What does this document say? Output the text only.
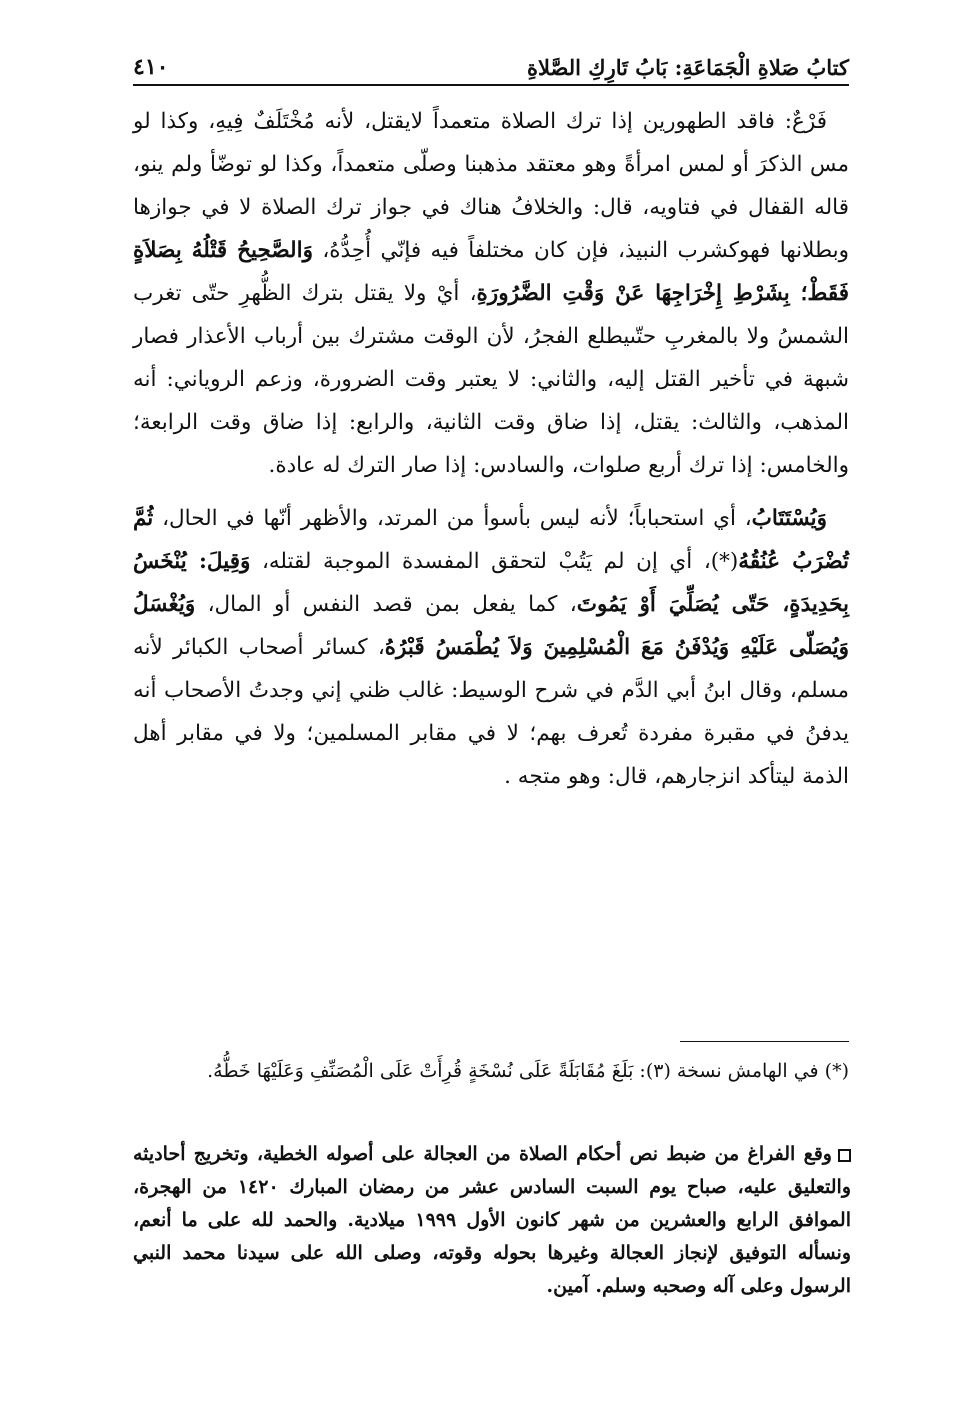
كتابُ صَلاةِ الْجَمَاعَةِ: بَابُ تَارِكِ الصَّلاةِ
٤١٠

فَرْعٌ: فاقد الطهورين إذا ترك الصلاة متعمداً لايقتل، لأنه مُخْتَلَفٌ فِيهِ، وكذا لو مس الذكرَ أو لمس امرأةً وهو معتقد مذهبنا وصلّى متعمداً، وكذا لو توضّأ ولم ينو، قاله القفال في فتاويه، قال: والخلافُ هناك في جواز ترك الصلاة لا في جوازها وبطلانها فهوكشرب النبيذ، فإن كان مختلفاً فيه فإنّي أُحِدُّهُ، وَالصَّحِيحُ قَتْلُهُ بِصَلاَةٍ فَقَطْ؛ بِشَرْطِ إِخْرَاجِهَا عَنْ وَقْتِ الضَّرُورَةِ، أيْ ولا يقتل بترك الظُّهرِ حتّى تغرب الشمسُ ولا بالمغربِ حتّىيطلع الفجرُ، لأن الوقت مشترك بين أرباب الأعذار فصار شبهة في تأخير القتل إليه، والثاني: لا يعتبر وقت الضرورة، وزعم الروياني: أنه المذهب، والثالث: يقتل، إذا ضاق وقت الثانية، والرابع: إذا ضاق وقت الرابعة؛ والخامس: إذا ترك أربع صلوات، والسادس: إذا صار الترك له عادة.

وَيُسْتَتَابُ، أي استحباباً؛ لأنه ليس بأسوأ من المرتد، والأظهر أنّها في الحال، ثُمَّ تُضْرَبُ عُنُقُهُ(*)، أي إن لم يَتُبْ لتحقق المفسدة الموجبة لقتله، وَقِيلَ: يُنْخَسُ بِحَدِيدَةٍ، حَتّى يُصَلِّيَ أَوْ يَمُوتَ، كما يفعل بمن قصد النفس أو المال، وَيُغْسَلُ وَيُصَلّى عَلَيْهِ وَيُدْفَنُ مَعَ الْمُسْلِمِينَ وَلاَ يُطْمَسُ قَبْرُهُ، كسائر أصحاب الكبائر لأنه مسلم، وقال ابنُ أبي الدَّم في شرح الوسيط: غالب ظني إني وجدتُ الأصحاب أنه يدفنُ في مقبرة مفردة تُعرف بهم؛ لا في مقابر المسلمين؛ ولا في مقابر أهل الذمة ليتأكد انزجارهم، قال: وهو متجه .

(*) في الهامش نسخة (٣): بَلَغَ مُقَابَلَةً عَلَى نُسْخَةٍ قُرِأَتْ عَلَى الْمُصَنِّفِ وَعَلَيْهَا خَطُّهُ.
وقع الفراغ من ضبط نص أحكام الصلاة من العجالة على أصوله الخطية، وتخريج أحاديثه والتعليق عليه، صباح يوم السبت السادس عشر من رمضان المبارك ١٤٢٠ من الهجرة، الموافق الرابع والعشرين من شهر كانون الأول ١٩٩٩ ميلادية. والحمد لله على ما أنعم، ونسأله التوفيق لإنجاز العجالة وغيرها بحوله وقوته، وصلى الله على سيدنا محمد النبي الرسول وعلى آله وصحبه وسلم. آمين.
